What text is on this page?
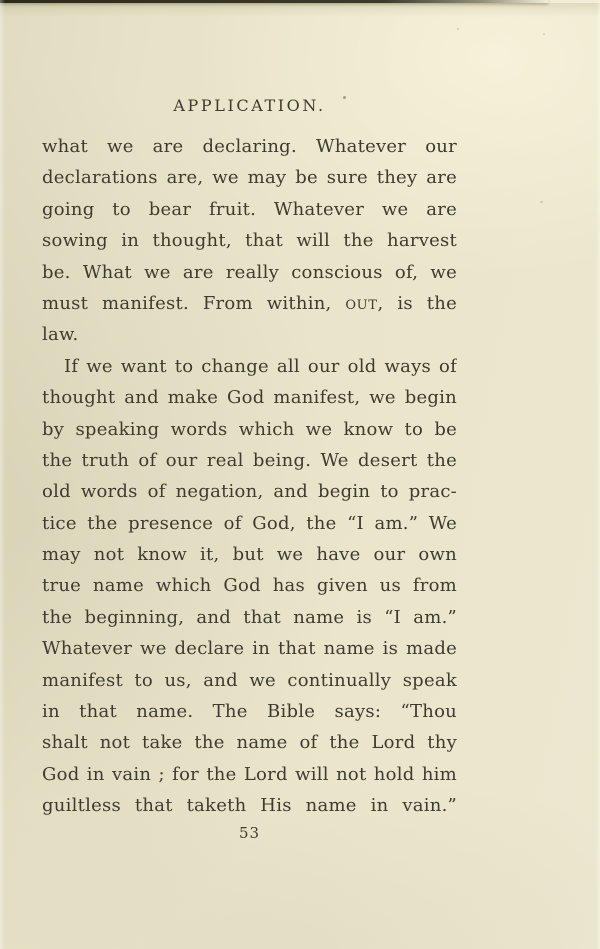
APPLICATION.
what we are declaring. Whatever our
declarations are, we may be sure they are
going to bear fruit. Whatever we are
sowing in thought, that will the harvest
be. What we are really conscious of, we
must manifest. From within, out, is the
law.
If we want to change all our old ways of
thought and make God manifest, we begin
by speaking words which we know to be
the truth of our real being. We desert the
old words of negation, and begin to prac-
tice the presence of God, the “I am.” We
may not know it, but we have our own
true name which God has given us from
the beginning, and that name is “I am.”
Whatever we declare in that name is made
manifest to us, and we continually speak
in that name. The Bible says: “Thou
shalt not take the name of the Lord thy
God in vain ; for the Lord will not hold him
guiltless that taketh His name in vain.”
53
